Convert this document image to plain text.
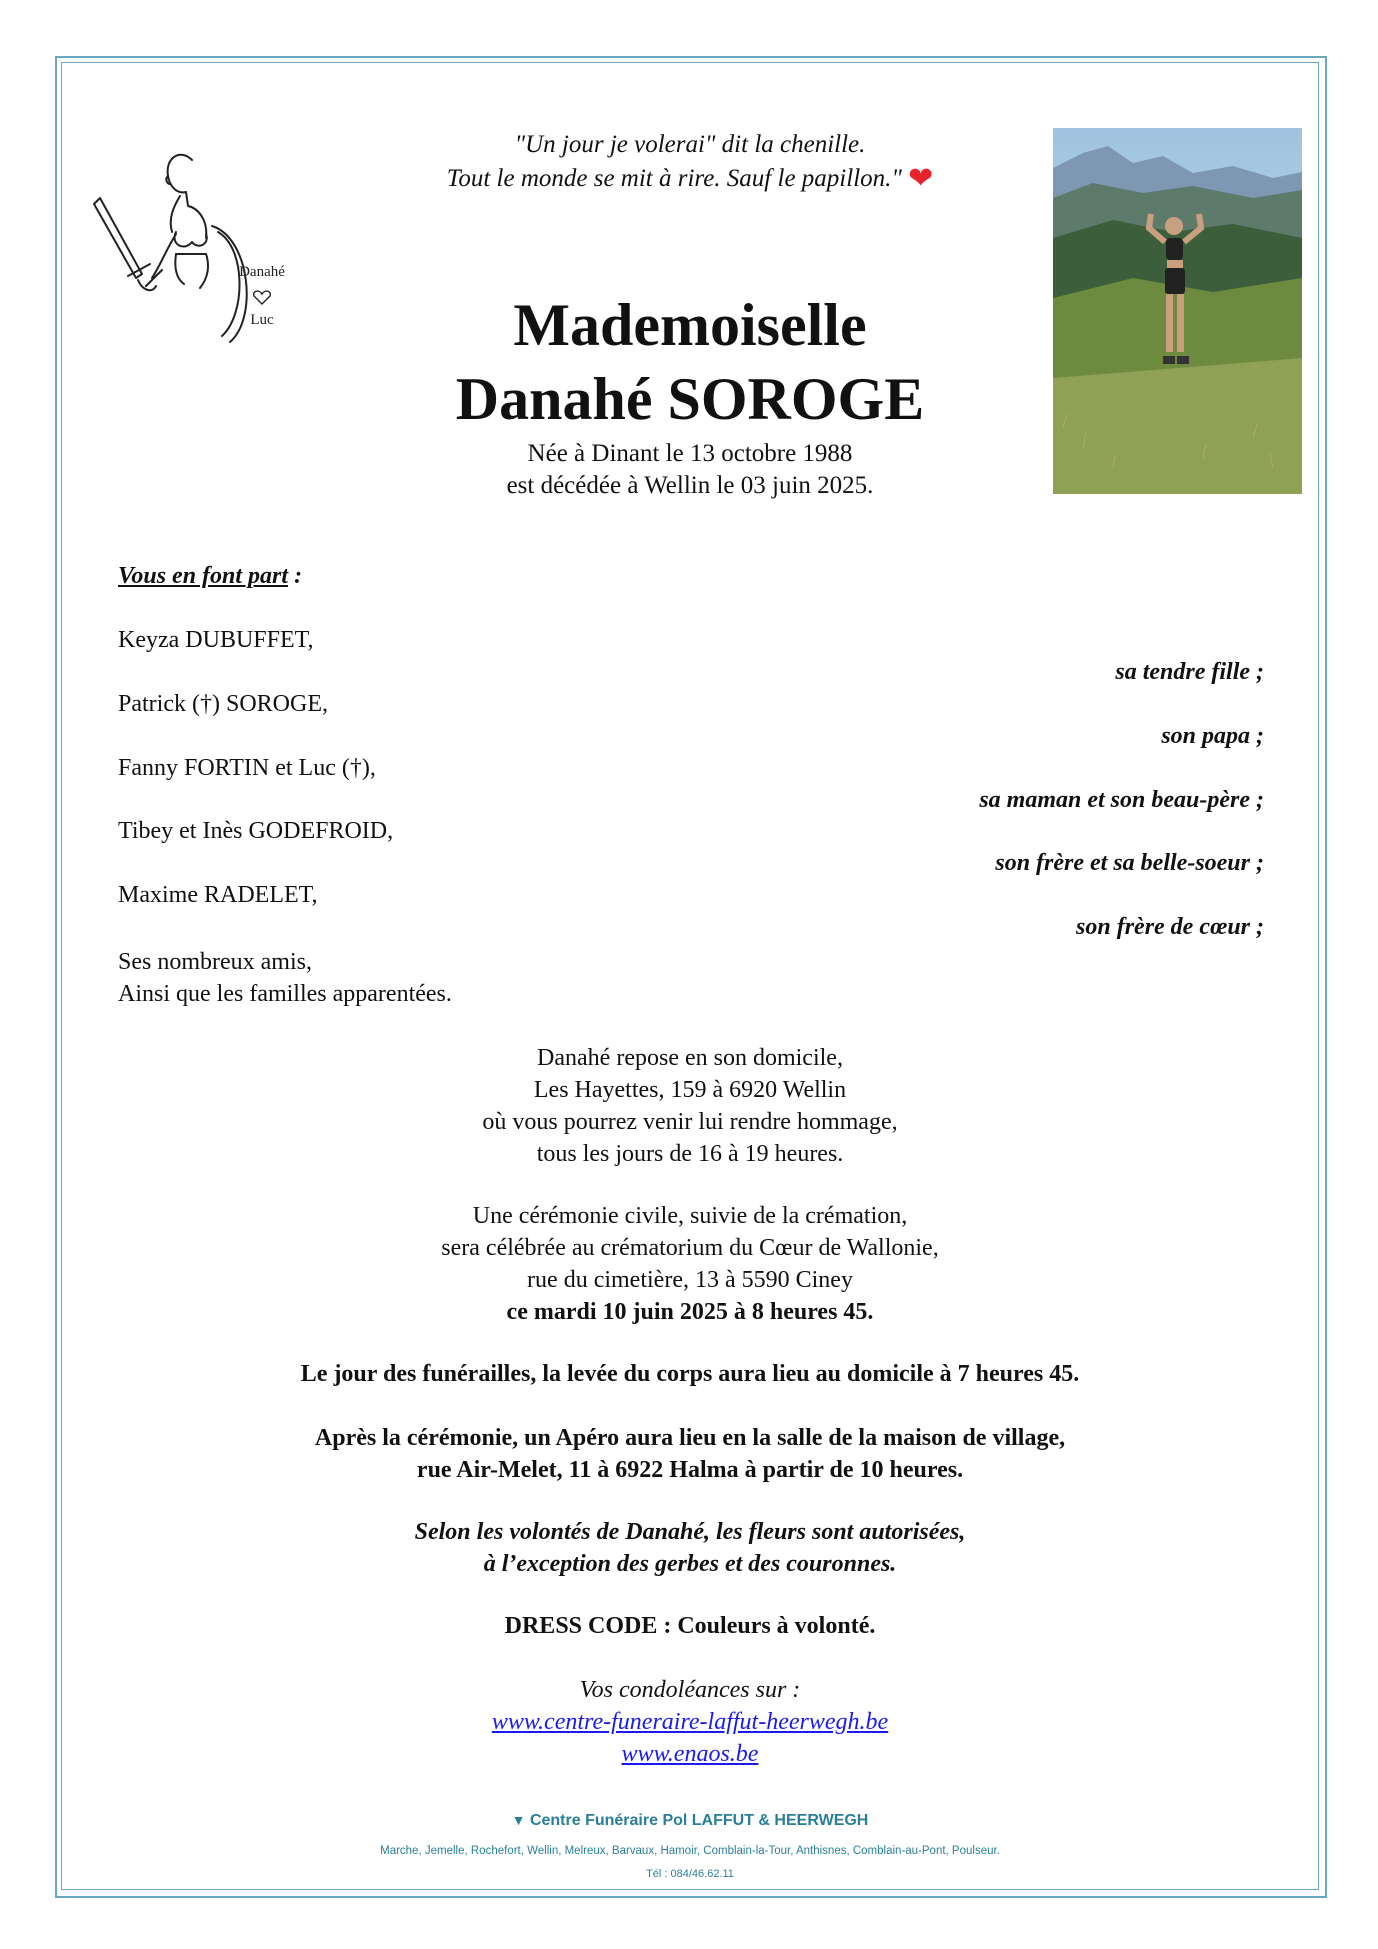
Danahé
Luc
"Un jour je volerai" dit la chenille.
Tout le monde se mit à rire. Sauf le papillon." ❤
Mademoiselle
Danahé SOROGE
Née à Dinant le 13 octobre 1988
est décédée à Wellin le 03 juin 2025.
Vous en font part :
Keyza DUBUFFET,
sa tendre fille ;
Patrick (†) SOROGE,
son papa ;
Fanny FORTIN et Luc (†),
sa maman et son beau-père ;
Tibey et Inès GODEFROID,
son frère et sa belle-soeur ;
Maxime RADELET,
son frère de cœur ;
Ses nombreux amis,
Ainsi que les familles apparentées.
Danahé repose en son domicile,
Les Hayettes, 159 à 6920 Wellin
où vous pourrez venir lui rendre hommage,
tous les jours de 16 à 19 heures.
Une cérémonie civile, suivie de la crémation,
sera célébrée au crématorium du Cœur de Wallonie,
rue du cimetière, 13 à 5590 Ciney
ce mardi 10 juin 2025 à 8 heures 45.
Le jour des funérailles, la levée du corps aura lieu au domicile à 7 heures 45.
Après la cérémonie, un Apéro aura lieu en la salle de la maison de village,
rue Air-Melet, 11 à 6922 Halma à partir de 10 heures.
Selon les volontés de Danahé, les fleurs sont autorisées,
à l’exception des gerbes et des couronnes.
DRESS CODE : Couleurs à volonté.
Vos condoléances sur :
www.centre-funeraire-laffut-heerwegh.be
www.enaos.be
▼ Centre Funéraire Pol LAFFUT & HEERWEGH
Marche, Jemelle, Rochefort, Wellin, Melreux, Barvaux, Hamoir, Comblain-la-Tour, Anthisnes, Comblain-au-Pont, Poulseur.
Tél : 084/46.62.11
